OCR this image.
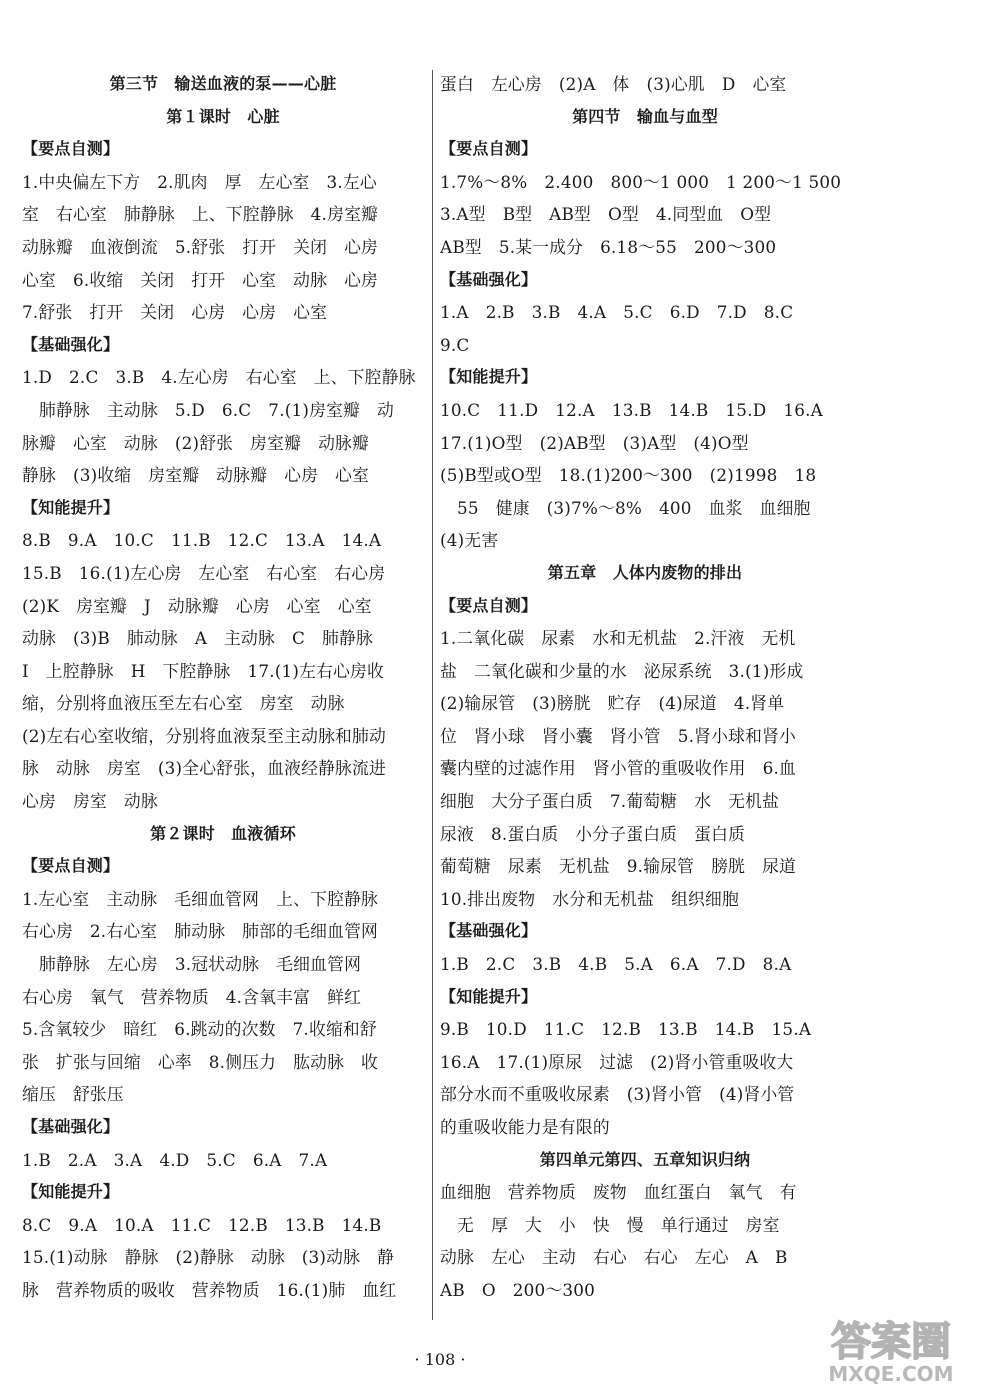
第三节　输送血液的泵——心脏
第１课时　心脏
【要点自测】
1.中央偏左下方　2.肌肉　厚　左心室　3.左心
室　右心室　肺静脉　上、下腔静脉　4.房室瓣
动脉瓣　血液倒流　5.舒张　打开　关闭　心房
心室　6.收缩　关闭　打开　心室　动脉　心房
7.舒张　打开　关闭　心房　心房　心室
【基础强化】
1.D　2.C　3.B　4.左心房　右心室　上、下腔静脉
　肺静脉　主动脉　5.D　6.C　7.(1)房室瓣　动
脉瓣　心室　动脉　(2)舒张　房室瓣　动脉瓣
静脉　(3)收缩　房室瓣　动脉瓣　心房　心室
【知能提升】
8.B　9.A　10.C　11.B　12.C　13.A　14.A
15.B　16.(1)左心房　左心室　右心室　右心房
(2)K　房室瓣　J　动脉瓣　心房　心室　心室
动脉　(3)B　肺动脉　A　主动脉　C　肺静脉
I　上腔静脉　H　下腔静脉　17.(1)左右心房收
缩，分别将血液压至左右心室　房室　动脉
(2)左右心室收缩，分别将血液泵至主动脉和肺动
脉　动脉　房室　(3)全心舒张，血液经静脉流进
心房　房室　动脉
第２课时　血液循环
【要点自测】
1.左心室　主动脉　毛细血管网　上、下腔静脉
右心房　2.右心室　肺动脉　肺部的毛细血管网
　肺静脉　左心房　3.冠状动脉　毛细血管网
右心房　氧气　营养物质　4.含氧丰富　鲜红
5.含氧较少　暗红　6.跳动的次数　7.收缩和舒
张　扩张与回缩　心率　8.侧压力　肱动脉　收
缩压　舒张压
【基础强化】
1.B　2.A　3.A　4.D　5.C　6.A　7.A
【知能提升】
8.C　9.A　10.A　11.C　12.B　13.B　14.B
15.(1)动脉　静脉　(2)静脉　动脉　(3)动脉　静
脉　营养物质的吸收　营养物质　16.(1)肺　血红
蛋白　左心房　(2)A　体　(3)心肌　D　心室
第四节　输血与血型
【要点自测】
1.7%～8%　2.400　800～1 000　1 200～1 500
3.A型　B型　AB型　O型　4.同型血　O型
AB型　5.某一成分　6.18～55　200～300
【基础强化】
1.A　2.B　3.B　4.A　5.C　6.D　7.D　8.C
9.C
【知能提升】
10.C　11.D　12.A　13.B　14.B　15.D　16.A
17.(1)O型　(2)AB型　(3)A型　(4)O型
(5)B型或O型　18.(1)200～300　(2)1998　18
　55　健康　(3)7%～8%　400　血浆　血细胞
(4)无害
第五章　人体内废物的排出
【要点自测】
1.二氧化碳　尿素　水和无机盐　2.汗液　无机
盐　二氧化碳和少量的水　泌尿系统　3.(1)形成
(2)输尿管　(3)膀胱　贮存　(4)尿道　4.肾单
位　肾小球　肾小囊　肾小管　5.肾小球和肾小
囊内壁的过滤作用　肾小管的重吸收作用　6.血
细胞　大分子蛋白质　7.葡萄糖　水　无机盐
尿液　8.蛋白质　小分子蛋白质　蛋白质
葡萄糖　尿素　无机盐　9.输尿管　膀胱　尿道
10.排出废物　水分和无机盐　组织细胞
【基础强化】
1.B　2.C　3.B　4.B　5.A　6.A　7.D　8.A
【知能提升】
9.B　10.D　11.C　12.B　13.B　14.B　15.A
16.A　17.(1)原尿　过滤　(2)肾小管重吸收大
部分水而不重吸收尿素　(3)肾小管　(4)肾小管
的重吸收能力是有限的
第四单元第四、五章知识归纳
血细胞　营养物质　废物　血红蛋白　氧气　有
　无　厚　大　小　快　慢　单行通过　房室
动脉　左心　主动　右心　右心　左心　A　B
AB　O　200～300
· 108 ·	答案圈
MXQE.COM
